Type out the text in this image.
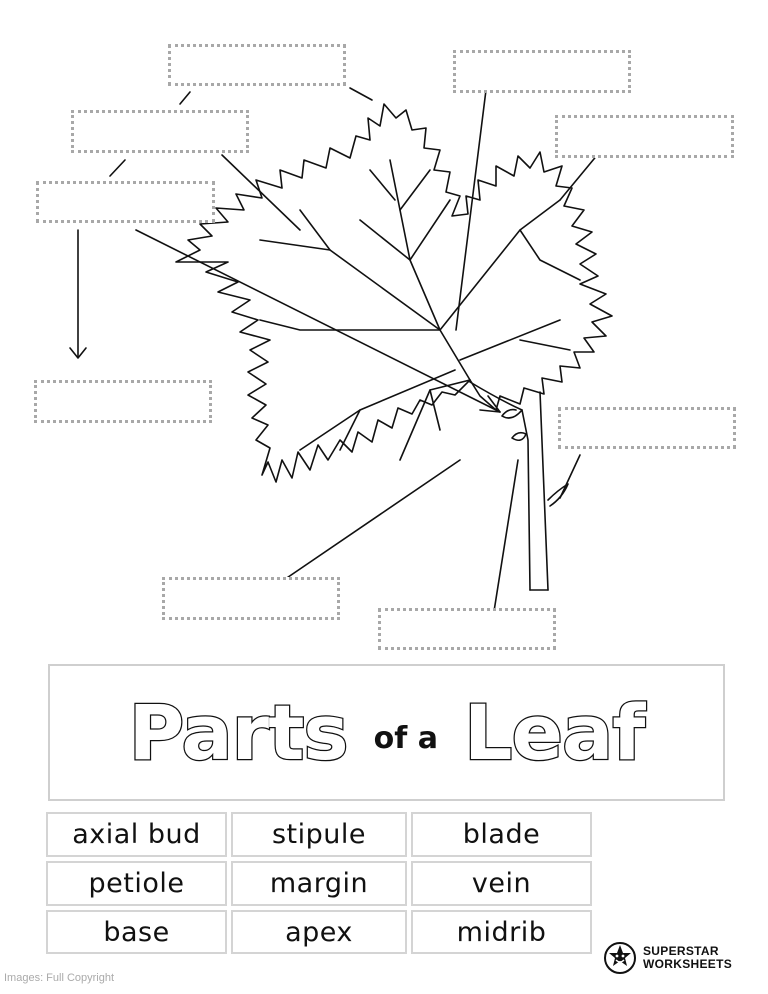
Parts of a Leaf
axial bud	stipule	blade
petiole	margin	vein
base	apex	midrib
SUPERSTAR
WORKSHEETS
Images: Full Copyright
